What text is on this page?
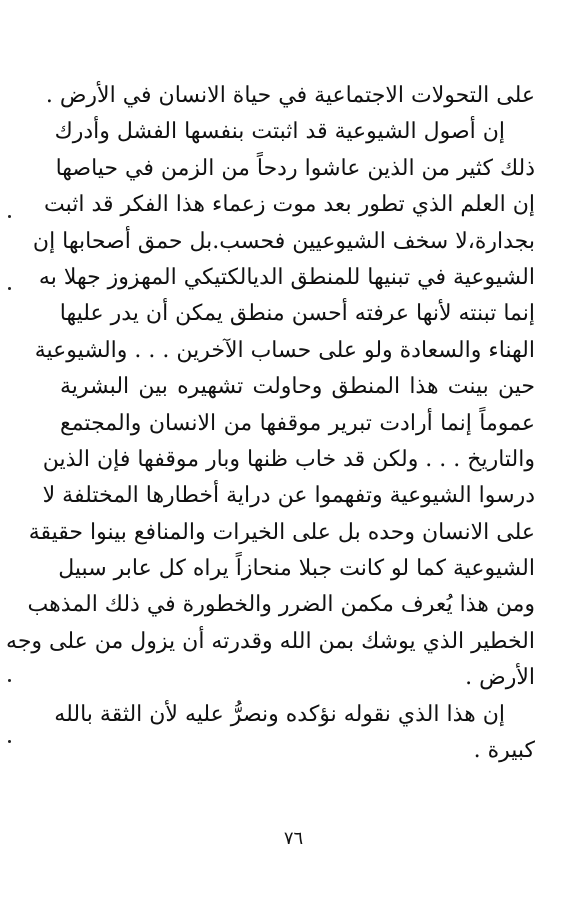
على التحولات الاجتماعية في حياة الانسان في الأرض .
إن أصول الشيوعية قد اثبتت بنفسها الفشل وأدرك
ذلك كثير من الذين عاشوا ردحاً من الزمن في حياصها
إن العلم الذي تطور بعد موت زعماء هذا الفكر قد اثبت
بجدارة،لا سخف الشيوعيين فحسب.بل حمق أصحابها إن
الشيوعية في تبنيها للمنطق الديالكتيكي المهزوز جهلا به
إنما تبنته لأنها عرفته أحسن منطق يمكن أن يدر عليها
الهناء والسعادة ولو على حساب الآخرين . . . والشيوعية
حين بينت هذا المنطق وحاولت تشهيره بين البشرية
عموماً إنما أرادت تبرير موقفها من الانسان والمجتمع
والتاريخ . . . ولكن قد خاب ظنها وبار موقفها فإن الذين
درسوا الشيوعية وتفهموا عن دراية أخطارها المختلفة لا
على الانسان وحده بل على الخيرات والمنافع بينوا حقيقة
الشيوعية كما لو كانت جبلا منحازاً يراه كل عابر سبيل
ومن هذا يُعرف مكمن الضرر والخطورة في ذلك المذهب
الخطير الذي يوشك بمن الله وقدرته أن يزول من على وجه
الأرض .
إن هذا الذي نقوله نؤكده ونصرُّ عليه لأن الثقة بالله
كبيرة .
٧٦
